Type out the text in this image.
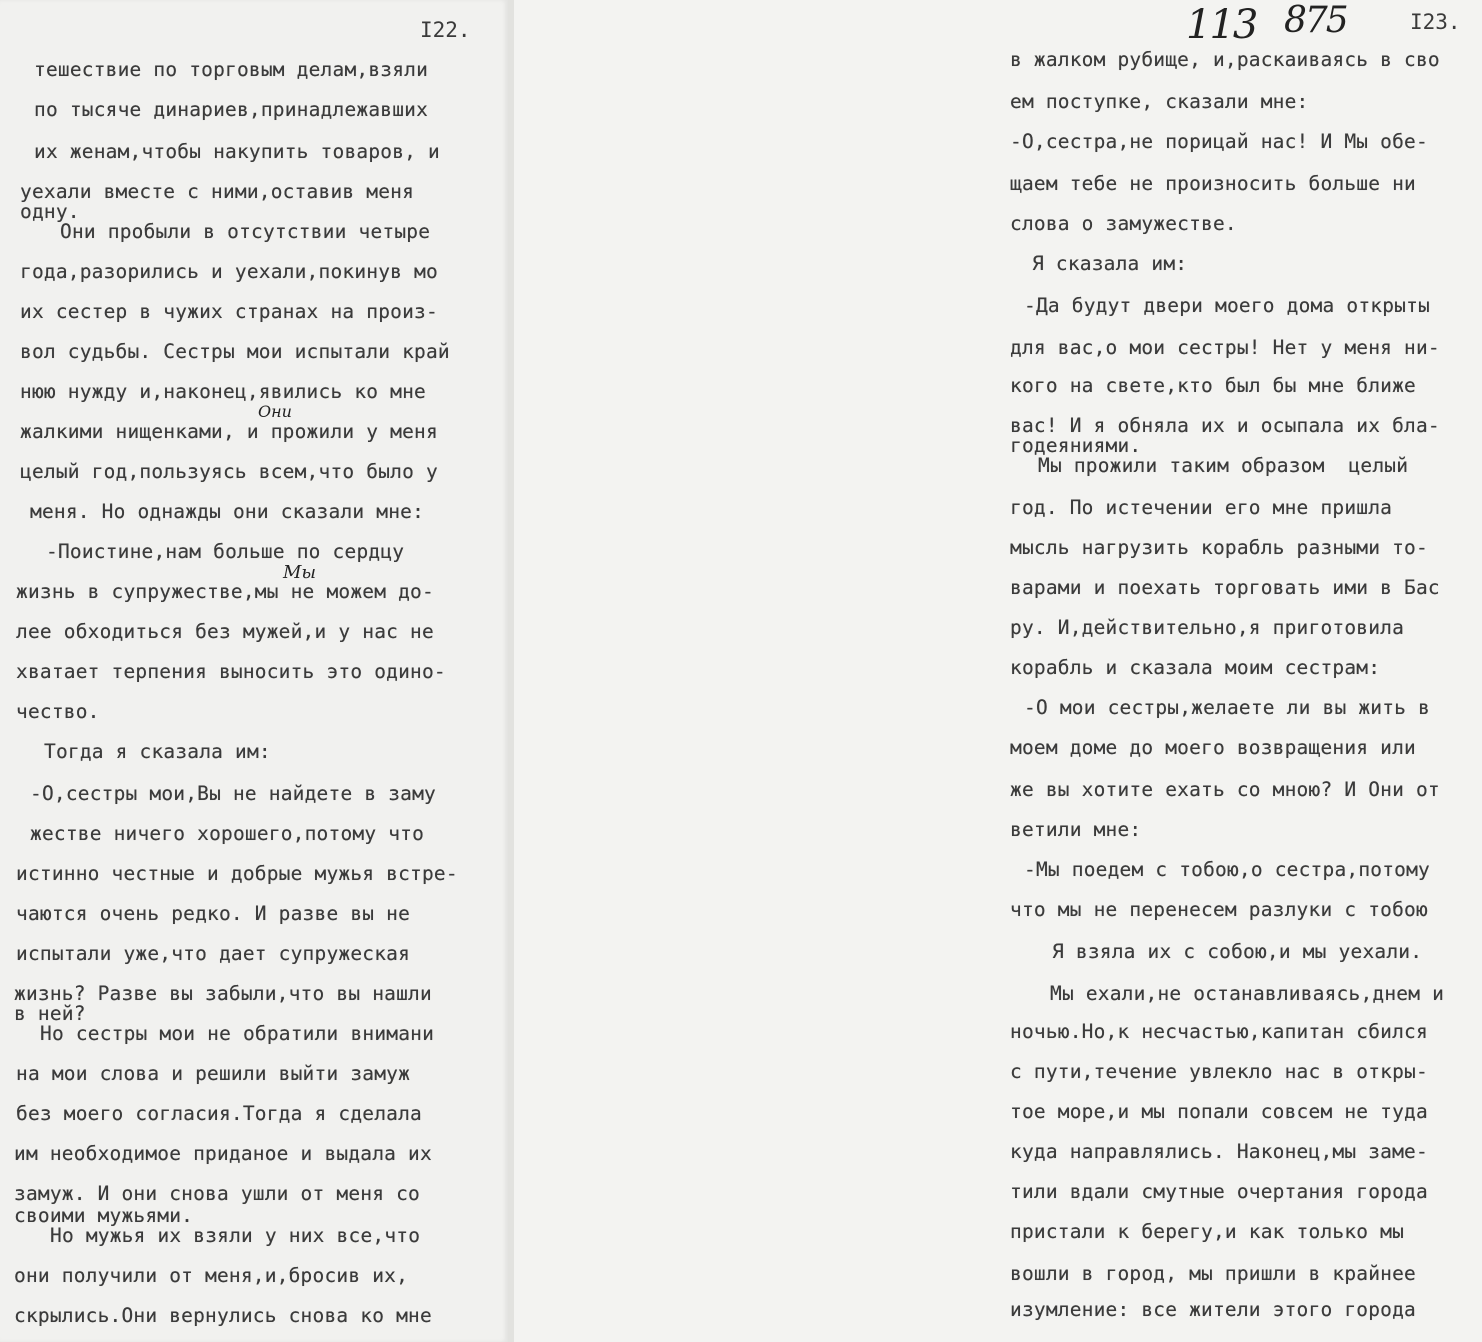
I22.
тешествие по торговым делам,взяли
по тысяче динариев,принадлежавших
их женам,чтобы накупить товаров, и
уехали вместе с ними,оставив меня
одну.
Они пробыли в отсутствии четыре
года,разорились и уехали,покинув мо
их сестер в чужих странах на произ-
вол судьбы. Сестры мои испытали край
нюю нужду и,наконец,явились ко мне
жалкими нищенками, и прожили у меня
целый год,пользуясь всем,что было у
меня. Но однажды они сказали мне:
-Поистине,нам больше по сердцу
жизнь в супружестве,мы не можем до-
лее обходиться без мужей,и у нас не
хватает терпения выносить это одино-
чество.
Тогда я сказала им:
-О,сестры мои,Вы не найдете в заму
жестве ничего хорошего,потому что
истинно честные и добрые мужья встре-
чаются очень редко. И разве вы не
испытали уже,что дает супружеская
жизнь? Разве вы забыли,что вы нашли
в ней?
Но сестры мои не обратили внимани
на мои слова и решили выйти замуж
без моего согласия.Тогда я сделала
им необходимое приданое и выдала их
замуж. И они снова ушли от меня со
своими мужьями.
Но мужья их взяли у них все,что
они получили от меня,и,бросив их,
скрылись.Они вернулись снова ко мне
Они
Мы
113 875	I23.
в жалком рубище, и,раскаиваясь в сво
ем поступке, сказали мне:
-О,сестра,не порицай нас! И Мы обе-
щаем тебе не произносить больше ни
слова о замужестве.
Я сказала им:
-Да будут двери моего дома открыты
для вас,о мои сестры! Нет у меня ни-
кого на свете,кто был бы мне ближе
вас! И я обняла их и осыпала их бла-
годеяниями.
Мы прожили таким образом  целый
год. По истечении его мне пришла
мысль нагрузить корабль разными то-
варами и поехать торговать ими в Бас
ру. И,действительно,я приготовила
корабль и сказала моим сестрам:
-О мои сестры,желаете ли вы жить в
моем доме до моего возвращения или
же вы хотите ехать со мною? И Они от
ветили мне:
-Мы поедем с тобою,о сестра,потому
что мы не перенесем разлуки с тобою
Я взяла их с собою,и мы уехали.
Мы ехали,не останавливаясь,днем и
ночью.Но,к несчастью,капитан сбился
с пути,течение увлекло нас в откры-
тое море,и мы попали совсем не туда
куда направлялись. Наконец,мы заме-
тили вдали смутные очертания города
пристали к берегу,и как только мы
вошли в город, мы пришли в крайнее
изумление: все жители этого города
